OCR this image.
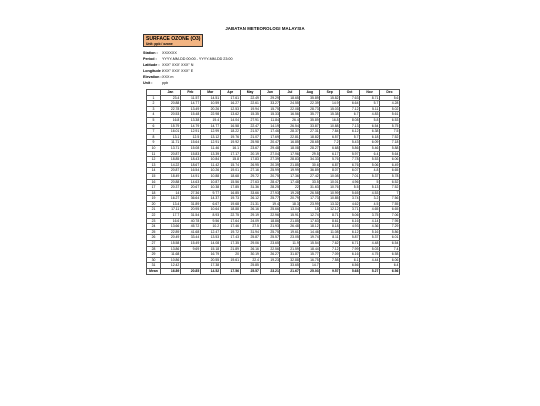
JABATAN METEOROLOGI MALAYSIA
SURFACE OZONE (O3)
Unit: ppb / ozone
Station : XXXXXX
Period : YYYY-MM-DD 00:00 - YYYY-MM-DD 23:00
Latitude : XXX° XXX' XXX" N
Longitude : XXX° XXX' XXX" E
Elevation : XXX m
Unit :	ppb
	Jan	Feb	Mar	Apr	May	Jun	Jul	Aug	Sep	Oct	Nov	Dec
1	23.4	11.57	14.51	17.61	22.49	29.29	18.65	35.89	15.82	7.63	8.71	5.6
2	20.88	14.77	10.59	16.27	22.61	33.27	24.55	22.39	14.9	6.64	5.7	4.28
3	22.78	13.49	20.26	12.53	19.94	15.75	22.08	28.73	15.03	7.12	5.11	5.02
4	20.53	15.48	22.98	13.62	15.35	15.33	16.56	35.77	15.38	6.7	4.83	5.61
5	16.8	13.38	19.4	14.04	27.91	11.84	26.4	35.89	16.8	8.08	5.8	6.53
6	15.79	14.79	14.77	16.58	22.47	14.19	26.54	33.87	10.88	7.13	6.54	5.75
7	16.01	12.91	12.99	18.22	21.57	17.46	28.37	27.31	7.84	6.12	6.38	7.5
8	13.1	12.5	13.12	19.76	21.07	17.69	22.81	18.82	6.57	5.7	6.18	7.52
9	11.71	15.64	12.91	19.92	25.98	20.47	16.85	28.65	7.2	5.43	6.09	7.18
10	13.71	15.08	11.46	16.1	23.67	29.48	18.08	28.27	6.68	5.86	5.46	5.88
11	20.87	15.83	13.39	17.17	20.19	27.04	17.96	29.5	6.17	5.97	6.4	5.64
12	18.85	18.43	10.84	15.8	17.83	27.39	28.83	34.33	5.76	7.78	5.53	6.06
13	14.22	18.67	11.42	15.74	26.95	20.39	21.85	30.6	6.87	6.76	5.06	6.49
14	20.87	16.54	10.26	19.01	27.16	25.99	19.99	36.89	8.07	6.07	4.8	6.65
15	18.49	14.91	10.88	18.68	29.72	20.75	17.36	27.42	10.08	7.01	5.37	5.78
16	20.88	14.63	10.87	15.56	27.63	28.47	17.48	33.5	10.01	4.96	5	6.52
17	20.37	20.67	10.38	17.85	31.36	28.25	22	31.63	10.76	5.5	5.13	7.52
18	14	27.36	9.77	16.85	33.66	27.93	19.28	26.58	10.99	5.65	4.53	7
19	16.27	36.64	14.37	19.73	26.12	25.77	20.79	17.73	10.85	3.74	3.2	7.56
20	13.4	31.89	6.67	19.68	21.31	19.4	18.3	23.99	13.32	4.62	4.5	7.55
21	17.11	20.95	10.64	18.88	26.16	25.66	13.04	18	12.12	3.71	4.65	6.65
22	17.7	31.54	8.93	22.75	29.19	22.96	15.91	12.74	8.71	5.06	3.75	7.06
23	16.6	40.78	9.56	17.64	24.09	18.86	21.85	17.63	8.61	6.16	4.14	7.95
24	13.66	45.72	10.2	17.46	27.5	21.93	26.48	18.12	8.18	4.93	4.36	7.29
25	22.89	41.68	12.47	19.72	31.94	25.75	19.61	14.46	11.08	6.12	5.16	5.86
26	20.49	33.44	13.53	17.43	25.87	25.57	23.05	19.74	8.11	5.87	5.37	6.01
27	15.58	15.49	14.08	17.35	29.06	23.65	11.9	15.54	7.62	6.71	4.48	6.54
28	13.86	9.69	15.18	21.89	26.16	22.56	21.59	18.44	7.12	7.99	5.03	7.4
29	11.68		16.79	20	30.19	26.27	31.87	15.77	7.09	6.16	4.75	6.58
30	10.86		20.55	19.61	22.4	19.23	32.88	16.75	7.58	6.1	4.44	6.06
31	12.42		17.38		25.85		33.65	14.7		6.56		6.4
Mean	16.89	20.85	14.52	17.56	25.57	23.21	21.67	25.03	9.57	5.68	5.27	6.56
